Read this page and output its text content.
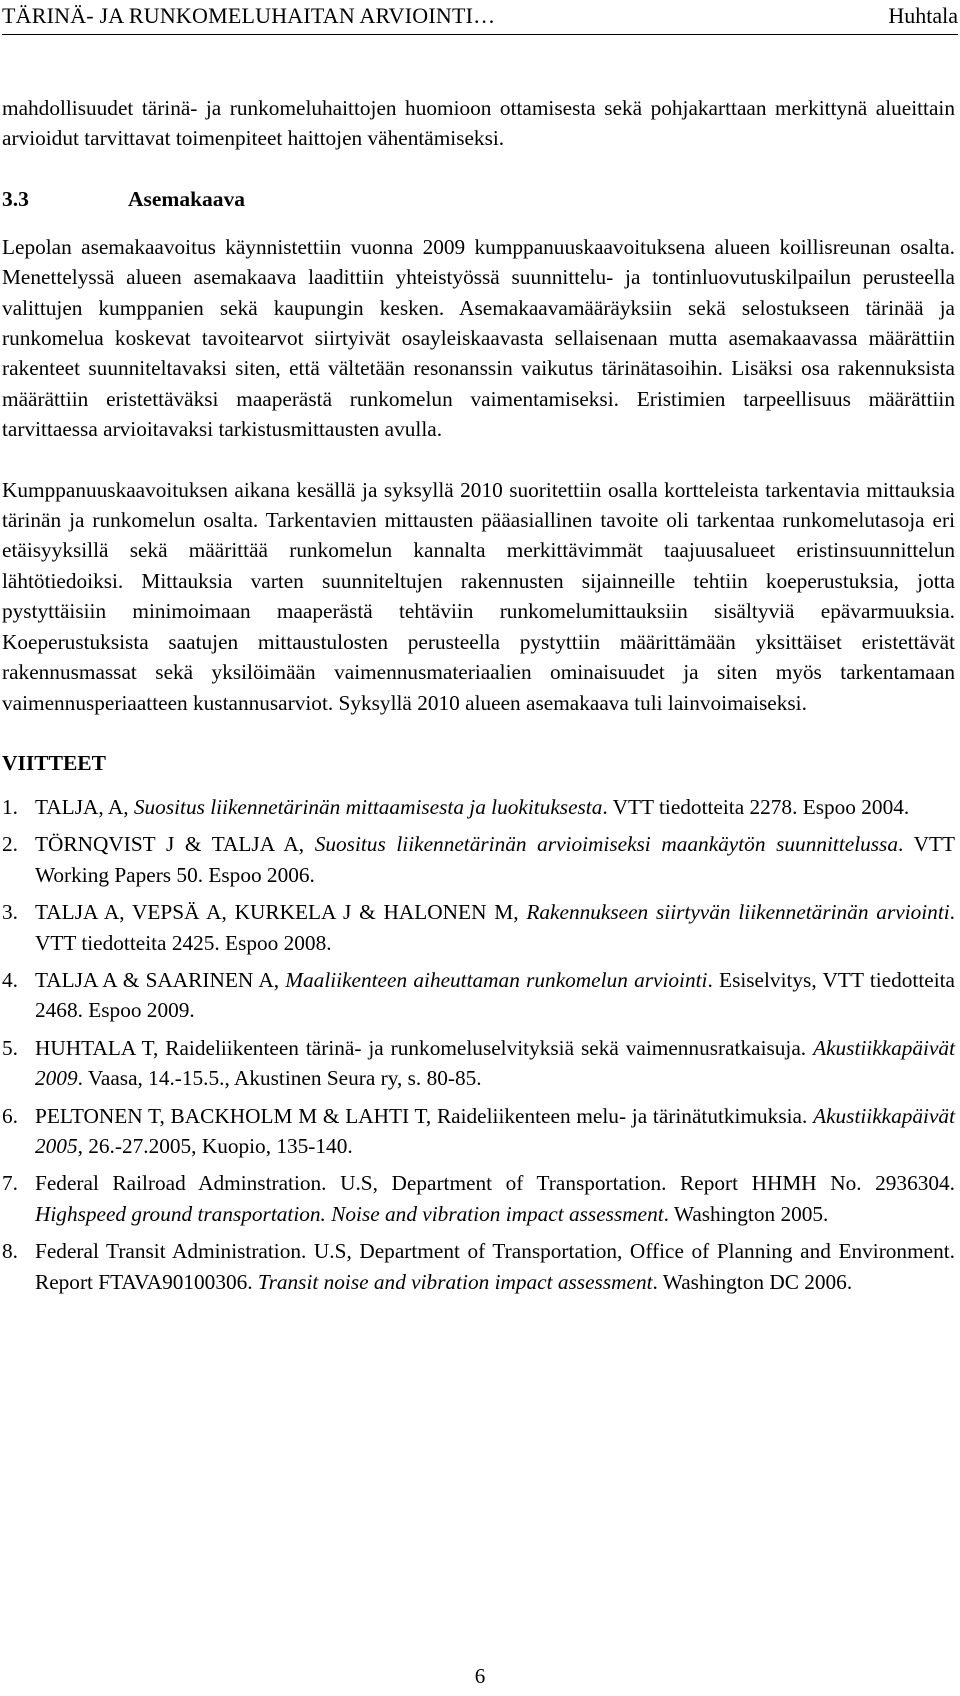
TÄRINÄ- JA RUNKOMELUHAITAN ARVIOINTI…	Huhtala

mahdollisuudet tärinä- ja runkomeluhaittojen huomioon ottamisesta sekä pohjakarttaan merkittynä alueittain arvioidut tarvittavat toimenpiteet haittojen vähentämiseksi.

3.3	Asemakaava

Lepolan asemakaavoitus käynnistettiin vuonna 2009 kumppanuuskaavoituksena alueen koillisreunan osalta. Menettelyssä alueen asemakaava laadittiin yhteistyössä suunnittelu- ja tontinluovutuskilpailun perusteella valittujen kumppanien sekä kaupungin kesken. Asemakaavamääräyksiin sekä selostukseen tärinää ja runkomelua koskevat tavoitearvot siirtyivät osayleiskaavasta sellaisenaan mutta asemakaavassa määrättiin rakenteet suunniteltavaksi siten, että vältetään resonanssin vaikutus tärinätasoihin. Lisäksi osa rakennuksista määrättiin eristettäväksi maaperästä runkomelun vaimentamiseksi. Eristimien tarpeellisuus määrättiin tarvittaessa arvioitavaksi tarkistusmittausten avulla.

Kumppanuuskaavoituksen aikana kesällä ja syksyllä 2010 suoritettiin osalla kortteleista tarkentavia mittauksia tärinän ja runkomelun osalta. Tarkentavien mittausten pääasiallinen tavoite oli tarkentaa runkomelutasoja eri etäisyyksillä sekä määrittää runkomelun kannalta merkittävimmät taajuusalueet eristinsuunnittelun lähtötiedoiksi. Mittauksia varten suunniteltujen rakennusten sijainneille tehtiin koeperustuksia, jotta pystyttäisiin minimoimaan maaperästä tehtäviin runkomelumittauksiin sisältyviä epävarmuuksia. Koeperustuksista saatujen mittaustulosten perusteella pystyttiin määrittämään yksittäiset eristettävät rakennusmassat sekä yksilöimään vaimennusmateriaalien ominaisuudet ja siten myös tarkentamaan vaimennusperiaatteen kustannusarviot. Syksyllä 2010 alueen asemakaava tuli lainvoimaiseksi.

VIITTEET
1. TALJA, A, Suositus liikennetärinän mittaamisesta ja luokituksesta. VTT tiedotteita 2278. Espoo 2004.
2. TÖRNQVIST J & TALJA A, Suositus liikennetärinän arvioimiseksi maankäytön suunnittelussa. VTT Working Papers 50. Espoo 2006.
3. TALJA A, VEPSÄ A, KURKELA J & HALONEN M, Rakennukseen siirtyvän liikennetärinän arviointi. VTT tiedotteita 2425. Espoo 2008.
4. TALJA A & SAARINEN A, Maaliikenteen aiheuttaman runkomelun arviointi. Esiselvitys, VTT tiedotteita 2468. Espoo 2009.
5. HUHTALA T, Raideliikenteen tärinä- ja runkomeluselvityksiä sekä vaimennusratkaisuja. Akustiikkapäivät 2009. Vaasa, 14.-15.5., Akustinen Seura ry, s. 80-85.
6. PELTONEN T, BACKHOLM M & LAHTI T, Raideliikenteen melu- ja tärinätutkimuksia. Akustiikkapäivät 2005, 26.-27.2005, Kuopio, 135-140.
7. Federal Railroad Adminstration. U.S, Department of Transportation. Report HHMH No. 2936304. Highspeed ground transportation. Noise and vibration impact assessment. Washington 2005.
8. Federal Transit Administration. U.S, Department of Transportation, Office of Planning and Environment. Report FTAVA90100306. Transit noise and vibration impact assessment. Washington DC 2006.
6
